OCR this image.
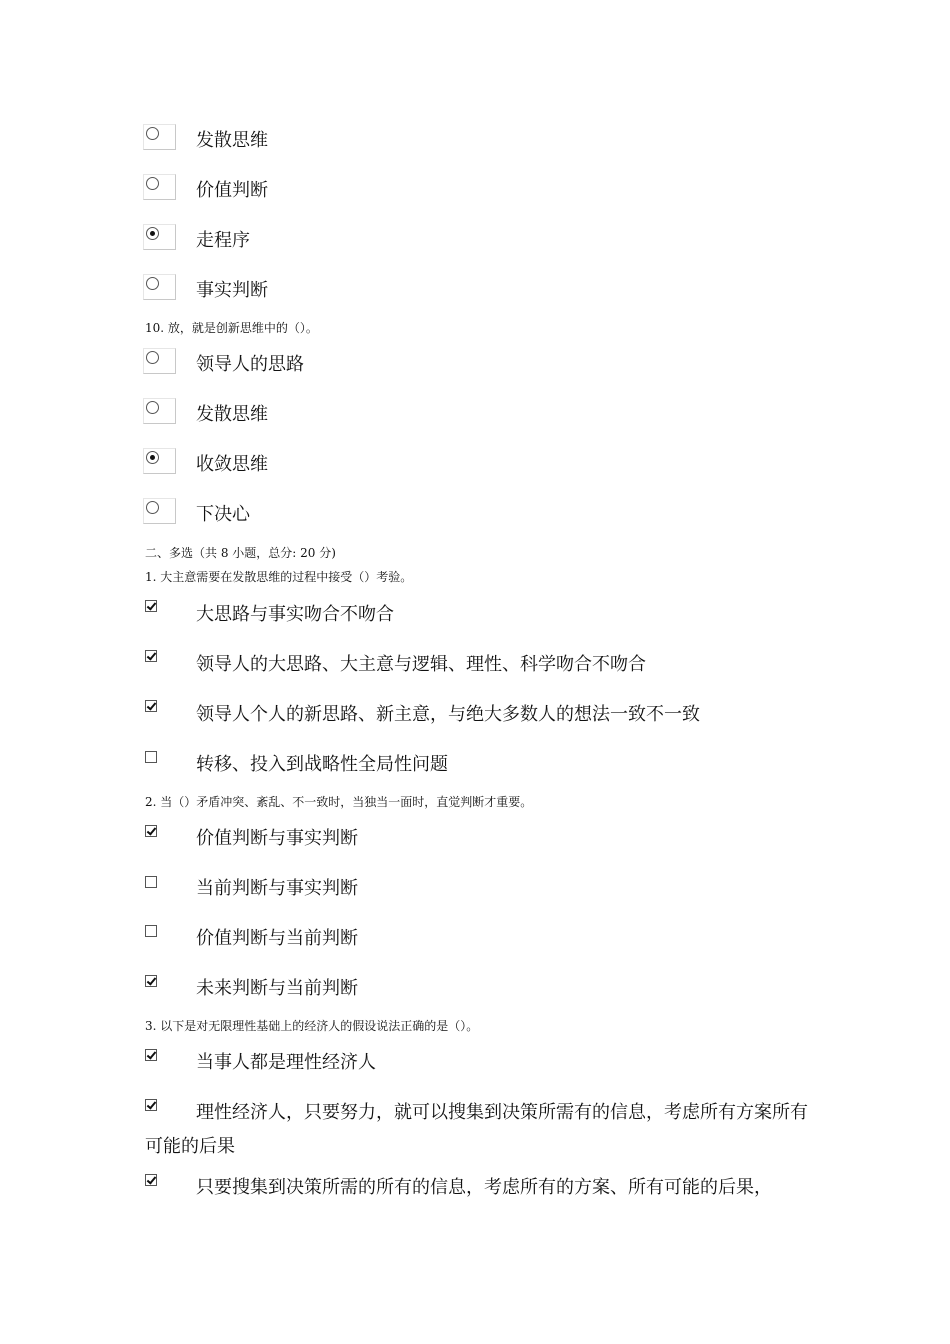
发散思维
价值判断
走程序
事实判断
10. 放，就是创新思维中的（）。
领导人的思路
发散思维
收敛思维
下决心
二、多选（共 8 小题，总分: 20 分)
1. 大主意需要在发散思维的过程中接受（）考验。
大思路与事实吻合不吻合
领导人的大思路、大主意与逻辑、理性、科学吻合不吻合
领导人个人的新思路、新主意，与绝大多数人的想法一致不一致
转移、投入到战略性全局性问题
2. 当（）矛盾冲突、紊乱、不一致时，当独当一面时，直觉判断才重要。
价值判断与事实判断
当前判断与事实判断
价值判断与当前判断
未来判断与当前判断
3. 以下是对无限理性基础上的经济人的假设说法正确的是（）。
当事人都是理性经济人
理性经济人，只要努力，就可以搜集到决策所需有的信息，考虑所有方案所有可能的后果
只要搜集到决策所需的所有的信息，考虑所有的方案、所有可能的后果，
